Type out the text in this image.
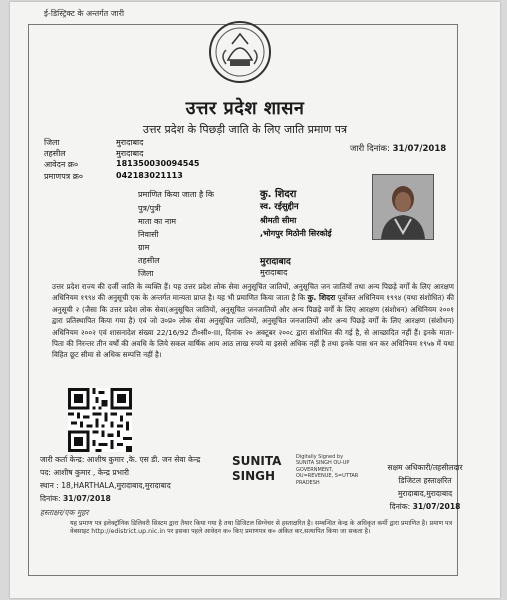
ई-डिस्ट्रिक्ट के अन्तर्गत जारी
उत्तर प्रदेश शासन
उत्तर प्रदेश के पिछड़ी जाति के लिए जाति प्रमाण पत्र
जारी दिनांक: 31/07/2018
जिला	मुरादाबाद
तहसील	मुरादाबाद
आवेदन क्र०	181350030094545
प्रमाणपत्र क्र०	042183021113
प्रमाणित किया जाता है कि	कु. शिदरा
पुत्र/पुत्री	स्व. रईसुद्दीन
माता का नाम	श्रीमती सीमा
निवासी	,भोगपुर मिठोनी सिरकोई
ग्राम
तहसील	मुरादाबाद
जिला	मुरादाबाद
उत्तर प्रदेश राज्य की दर्जी जाति के व्यक्ति हैं। यह उत्तर प्रदेश लोक सेवा अनुसूचित जातियों, अनुसूचित जन जातियों तथा अन्य पिछड़े वर्गों के लिए आरक्षण अधिनियम १९९४ की अनुसूची एक के अन्तर्गत मान्यता प्राप्त है। यह भी प्रमाणित किया जाता है कि कु. शिदरा पूर्वोक्त अधिनियम १९९४ (यथा संशोधित) की अनुसूची २ (जैसा कि उत्तर प्रदेश लोक सेवा(अनुसूचित जातियों, अनुसूचित जनजातियों और अन्य पिछड़े वर्गों के लिए आरक्षण (संशोधन) अधिनियम २००१ द्वारा प्रतिस्थापित किया गया है) एवं जो उ०प्र० लोक सेवा अनुसूचित जातियों, अनुसूचित जनजातियों और अन्य पिछड़े वर्गों के लिए आरक्षण (संशोधन) अधिनियम २००२ एवं शासनादेश संख्या 22/16/92 टी०सी०-III, दिनांक २० अक्टूबर २००८ द्वारा संशोधित की गई है, से आच्छादित नहीं हैं। इनके माता-पिता की निरन्तर तीन वर्षों की अवधि के लिये सकल वार्षिक आय आठ लाख रुपये या इससे अधिक नहीं है तथा इनके पास धन कर अधिनियम १९५७ में यथा विहित छूट सीमा से अधिक सम्पत्ति नहीं है।
जारी कर्ता केन्द्र: आशीष कुमार ,कॆ. एस डी. जन सेवा केन्द्र
पद: आशीष कुमार , केन्द्र प्रभारी
स्थान : 18,HARTHALA,मुरादाबाद,मुरादाबाद
दिनांक: 31/07/2018
हस्ताक्षर/एक मुहर
SUNITA SINGH
Digitally Signed by SUNITA SINGH OU-UP GOVERNMENT, OU=REVENUE, S=UTTAR PRADESH
सक्षम अधिकारी/तहसीलदार
डिजिटल हस्ताक्षरित
मुरादाबाद,मुरादाबाद
दिनांक: 31/07/2018
यह प्रमाण पत्र इलेक्ट्रॉनिक डिलिवरी सिस्टम द्वारा तैयार किया गया है तथा डिजिटल सिग्नेचर से हस्ताक्षरित है। सम्बन्धित केन्द्र के अधिकृत कर्मी द्वारा प्रमाणित है। प्रमाण पत्र वेबसाइट http://edistrict.up.nic.in पर इसका पहले आवेदन क० किए प्रमाणपत्र क० अंकित कर,सत्यापित किया जा सकता है।
